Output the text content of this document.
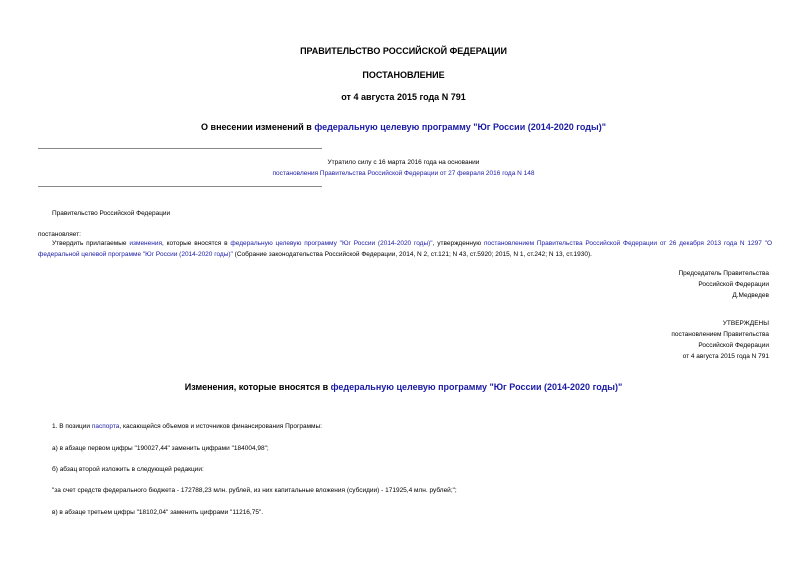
ПРАВИТЕЛЬСТВО РОССИЙСКОЙ ФЕДЕРАЦИИ
ПОСТАНОВЛЕНИЕ
от 4 августа 2015 года N 791
О внесении изменений в федеральную целевую программу "Юг России (2014-2020 годы)"
Утратило силу с 16 марта 2016 года на основании
постановления Правительства Российской Федерации от 27 февраля 2016 года N 148
Правительство Российской Федерации
постановляет:
Утвердить прилагаемые изменения, которые вносятся в федеральную целевую программу "Юг России (2014-2020 годы)", утвержденную постановлением Правительства Российской Федерации от 26 декабря 2013 года N 1297 "О федеральной целевой программе "Юг России (2014-2020 годы)" (Собрание законодательства Российской Федерации, 2014, N 2, ст.121; N 43, ст.5920; 2015, N 1, ст.242; N 13, ст.1930).
Председатель Правительства
Российской Федерации
Д.Медведев
УТВЕРЖДЕНЫ
постановлением Правительства
Российской Федерации
от 4 августа 2015 года N 791
Изменения, которые вносятся в федеральную целевую программу "Юг России (2014-2020 годы)"
1. В позиции паспорта, касающейся объемов и источников финансирования Программы:
а) в абзаце первом цифры "190027,44" заменить цифрами "184004,98";
б) абзац второй изложить в следующей редакции:
"за счет средств федерального бюджета - 172788,23 млн. рублей, из них капитальные вложения (субсидии) - 171925,4 млн. рублей;";
в) в абзаце третьем цифры "18102,04" заменить цифрами "11216,75".
